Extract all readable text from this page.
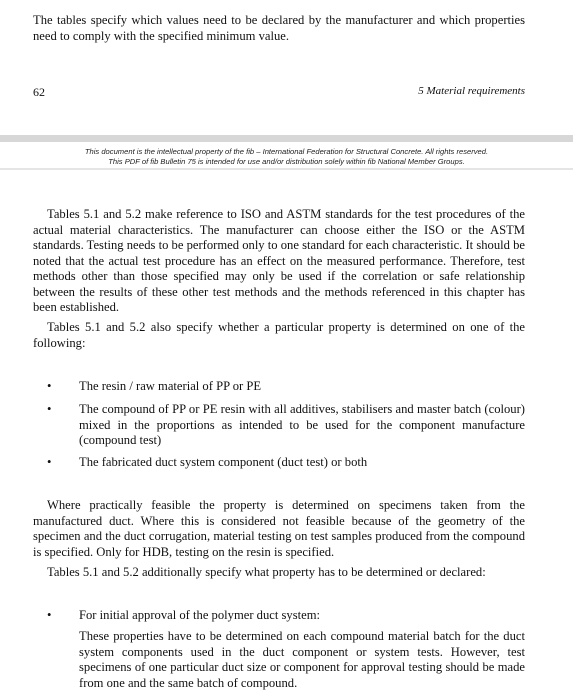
The tables specify which values need to be declared by the manufacturer and which properties need to comply with the specified minimum value.

62	5 Material requirements
This document is the intellectual property of the fib – International Federation for Structural Concrete. All rights reserved.
This PDF of fib Bulletin 75 is intended for use and/or distribution solely within fib National Member Groups.

Tables 5.1 and 5.2 make reference to ISO and ASTM standards for the test procedures of the actual material characteristics. The manufacturer can choose either the ISO or the ASTM standards. Testing needs to be performed only to one standard for each characteristic. It should be noted that the actual test procedure has an effect on the measured performance. Therefore, test methods other than those specified may only be used if the correlation or safe relationship between the results of these other test methods and the methods referenced in this chapter has been established.

Tables 5.1 and 5.2 also specify whether a particular property is determined on one of the following:

• The resin / raw material of PP or PE

• The compound of PP or PE resin with all additives, stabilisers and master batch (colour) mixed in the proportions as intended to be used for the component manufacture (compound test)

• The fabricated duct system component (duct test) or both

Where practically feasible the property is determined on specimens taken from the manufactured duct. Where this is considered not feasible because of the geometry of the specimen and the duct corrugation, material testing on test samples produced from the compound is specified. Only for HDB, testing on the resin is specified.

Tables 5.1 and 5.2 additionally specify what property has to be determined or declared:

• For initial approval of the polymer duct system:

These properties have to be determined on each compound material batch for the duct system components used in the duct component or system tests. However, test specimens of one particular duct size or component for approval testing should be made from one and the same batch of compound.
